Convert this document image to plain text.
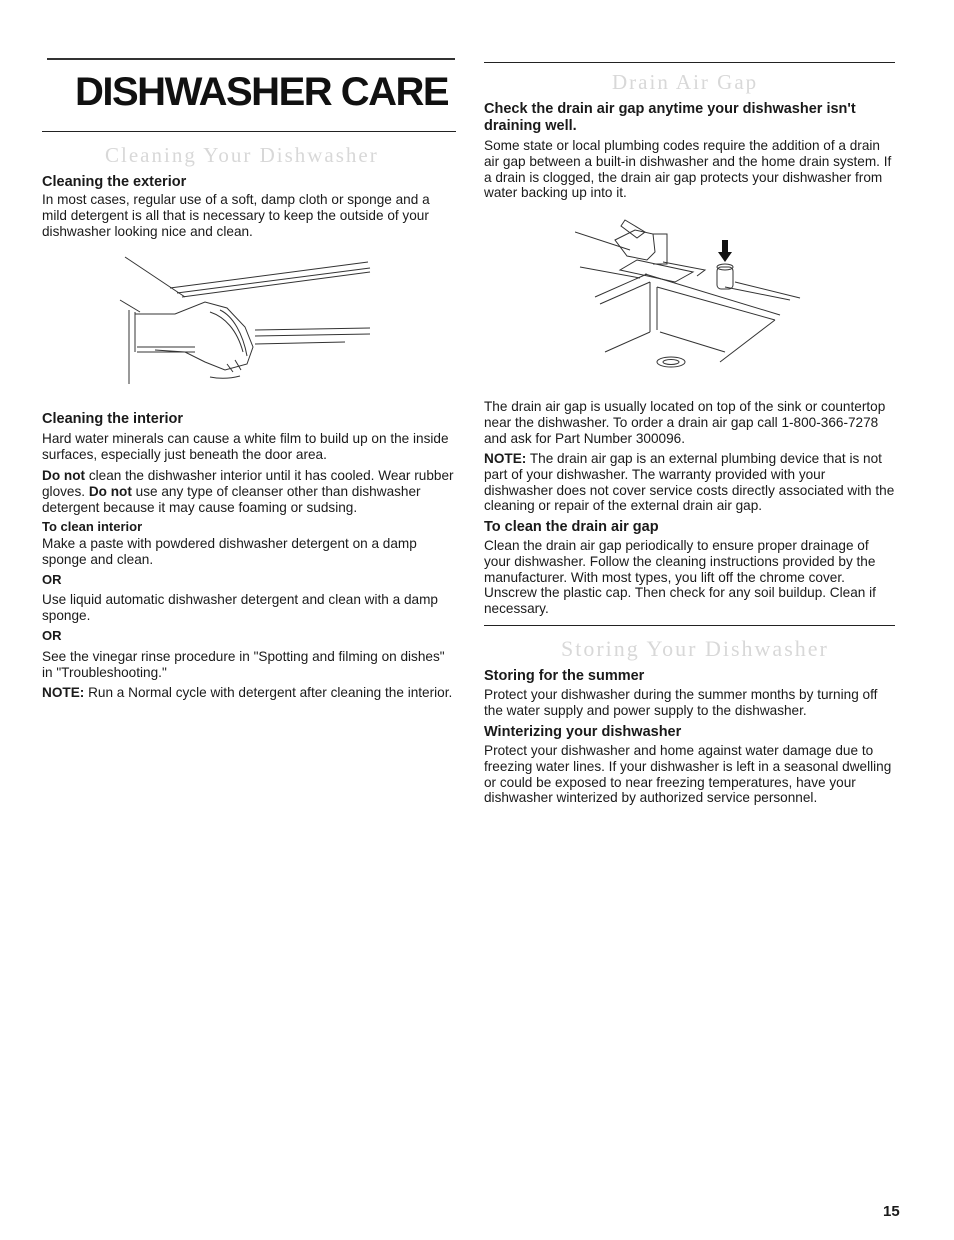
DISHWASHER CARE

Cleaning Your Dishwasher

Cleaning the exterior

In most cases, regular use of a soft, damp cloth or sponge and a mild detergent is all that is necessary to keep the outside of your dishwasher looking nice and clean.

Cleaning the interior

Hard water minerals can cause a white film to build up on the inside surfaces, especially just beneath the door area.

Do not clean the dishwasher interior until it has cooled. Wear rubber gloves. Do not use any type of cleanser other than dishwasher detergent because it may cause foaming or sudsing.

To clean interior

Make a paste with powdered dishwasher detergent on a damp sponge and clean.

OR

Use liquid automatic dishwasher detergent and clean with a damp sponge.

OR

See the vinegar rinse procedure in "Spotting and filming on dishes" in "Troubleshooting."

NOTE: Run a Normal cycle with detergent after cleaning the interior.

Drain Air Gap

Check the drain air gap anytime your dishwasher isn't draining well.

Some state or local plumbing codes require the addition of a drain air gap between a built-in dishwasher and the home drain system. If a drain is clogged, the drain air gap protects your dishwasher from water backing up into it.

The drain air gap is usually located on top of the sink or countertop near the dishwasher. To order a drain air gap call 1-800-366-7278 and ask for Part Number 300096.

NOTE: The drain air gap is an external plumbing device that is not part of your dishwasher. The warranty provided with your dishwasher does not cover service costs directly associated with the cleaning or repair of the external drain air gap.

To clean the drain air gap

Clean the drain air gap periodically to ensure proper drainage of your dishwasher. Follow the cleaning instructions provided by the manufacturer. With most types, you lift off the chrome cover. Unscrew the plastic cap. Then check for any soil buildup. Clean if necessary.

Storing Your Dishwasher

Storing for the summer

Protect your dishwasher during the summer months by turning off the water supply and power supply to the dishwasher.

Winterizing your dishwasher

Protect your dishwasher and home against water damage due to freezing water lines. If your dishwasher is left in a seasonal dwelling or could be exposed to near freezing temperatures, have your dishwasher winterized by authorized service personnel.

15
